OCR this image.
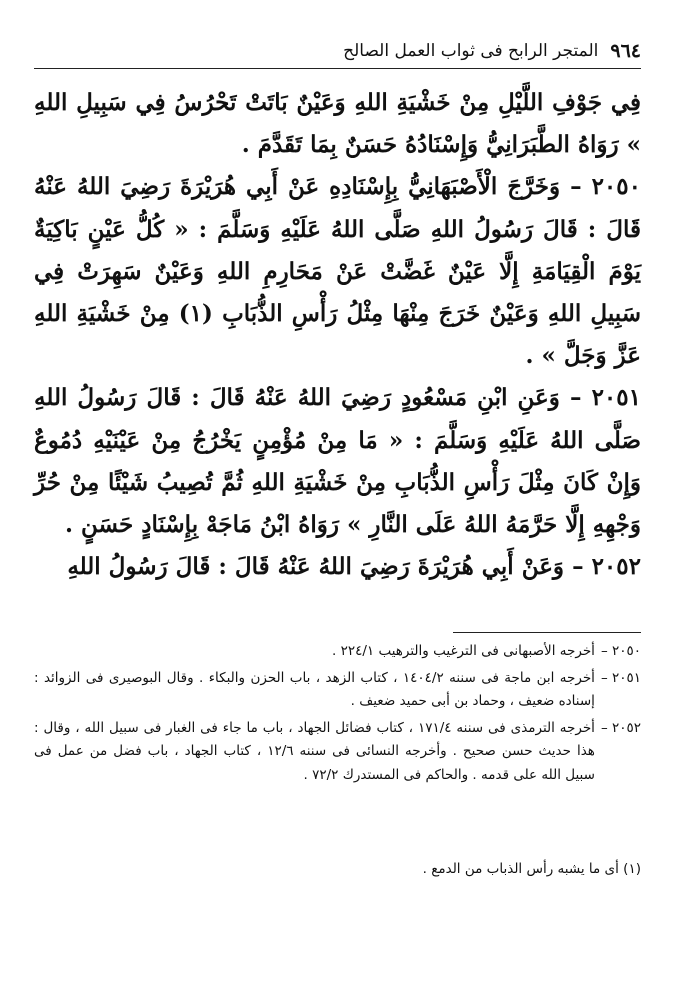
٩٦٤
المتجر الرابح فى ثواب العمل الصالح

فِي جَوْفِ اللَّيْلِ مِنْ خَشْيَةِ اللهِ وَعَيْنٌ بَاتَتْ تَحْرُسُ فِي سَبِيلِ اللهِ » رَوَاهُ الطَّبَرَانِيُّ وَإِسْنَادُهُ حَسَنٌ بِمَا تَقَدَّمَ .

٢٠٥٠ – وَخَرَّجَ الْأَصْبَهَانِيُّ بِإِسْنَادِهِ عَنْ أَبِي هُرَيْرَةَ رَضِيَ اللهُ عَنْهُ قَالَ : قَالَ رَسُولُ اللهِ صَلَّى اللهُ عَلَيْهِ وَسَلَّمَ : « كُلُّ عَيْنٍ بَاكِيَةٌ يَوْمَ الْقِيَامَةِ إِلَّا عَيْنٌ غَضَّتْ عَنْ مَحَارِمِ اللهِ وَعَيْنٌ سَهِرَتْ فِي سَبِيلِ اللهِ وَعَيْنٌ خَرَجَ مِنْهَا مِثْلُ رَأْسِ الذُّبَابِ (١) مِنْ خَشْيَةِ اللهِ عَزَّ وَجَلَّ » .

٢٠٥١ – وَعَنِ ابْنِ مَسْعُودٍ رَضِيَ اللهُ عَنْهُ قَالَ : قَالَ رَسُولُ اللهِ صَلَّى اللهُ عَلَيْهِ وَسَلَّمَ : « مَا مِنْ مُؤْمِنٍ يَخْرُجُ مِنْ عَيْنَيْهِ دُمُوعٌ وَإِنْ كَانَ مِثْلَ رَأْسِ الذُّبَابِ مِنْ خَشْيَةِ اللهِ ثُمَّ تُصِيبُ شَيْئًا مِنْ حُرِّ وَجْهِهِ إِلَّا حَرَّمَهُ اللهُ عَلَى النَّارِ » رَوَاهُ ابْنُ مَاجَهْ بِإِسْنَادٍ حَسَنٍ .

٢٠٥٢ – وَعَنْ أَبِي هُرَيْرَةَ رَضِيَ اللهُ عَنْهُ قَالَ : قَالَ رَسُولُ اللهِ

٢٠٥٠ –
أخرجه الأصبهانى فى الترغيب والترهيب ٢٢٤/١ .
٢٠٥١ –
أخرجه ابن ماجة فى سننه ١٤٠٤/٢ ، كتاب الزهد ، باب الحزن والبكاء . وقال البوصيرى فى الزوائد : إسناده ضعيف ، وحماد بن أبى حميد ضعيف .
٢٠٥٢ –
أخرجه الترمذى فى سننه ١٧١/٤ ، كتاب فضائل الجهاد ، باب ما جاء فى الغبار فى سبيل الله ، وقال : هذا حديث حسن صحيح . وأخرجه النسائى فى سننه ١٢/٦ ، كتاب الجهاد ، باب فضل من عمل فى سبيل الله على قدمه . والحاكم فى المستدرك ٧٢/٢ .
(١) أى ما يشبه رأس الذباب من الدمع .
